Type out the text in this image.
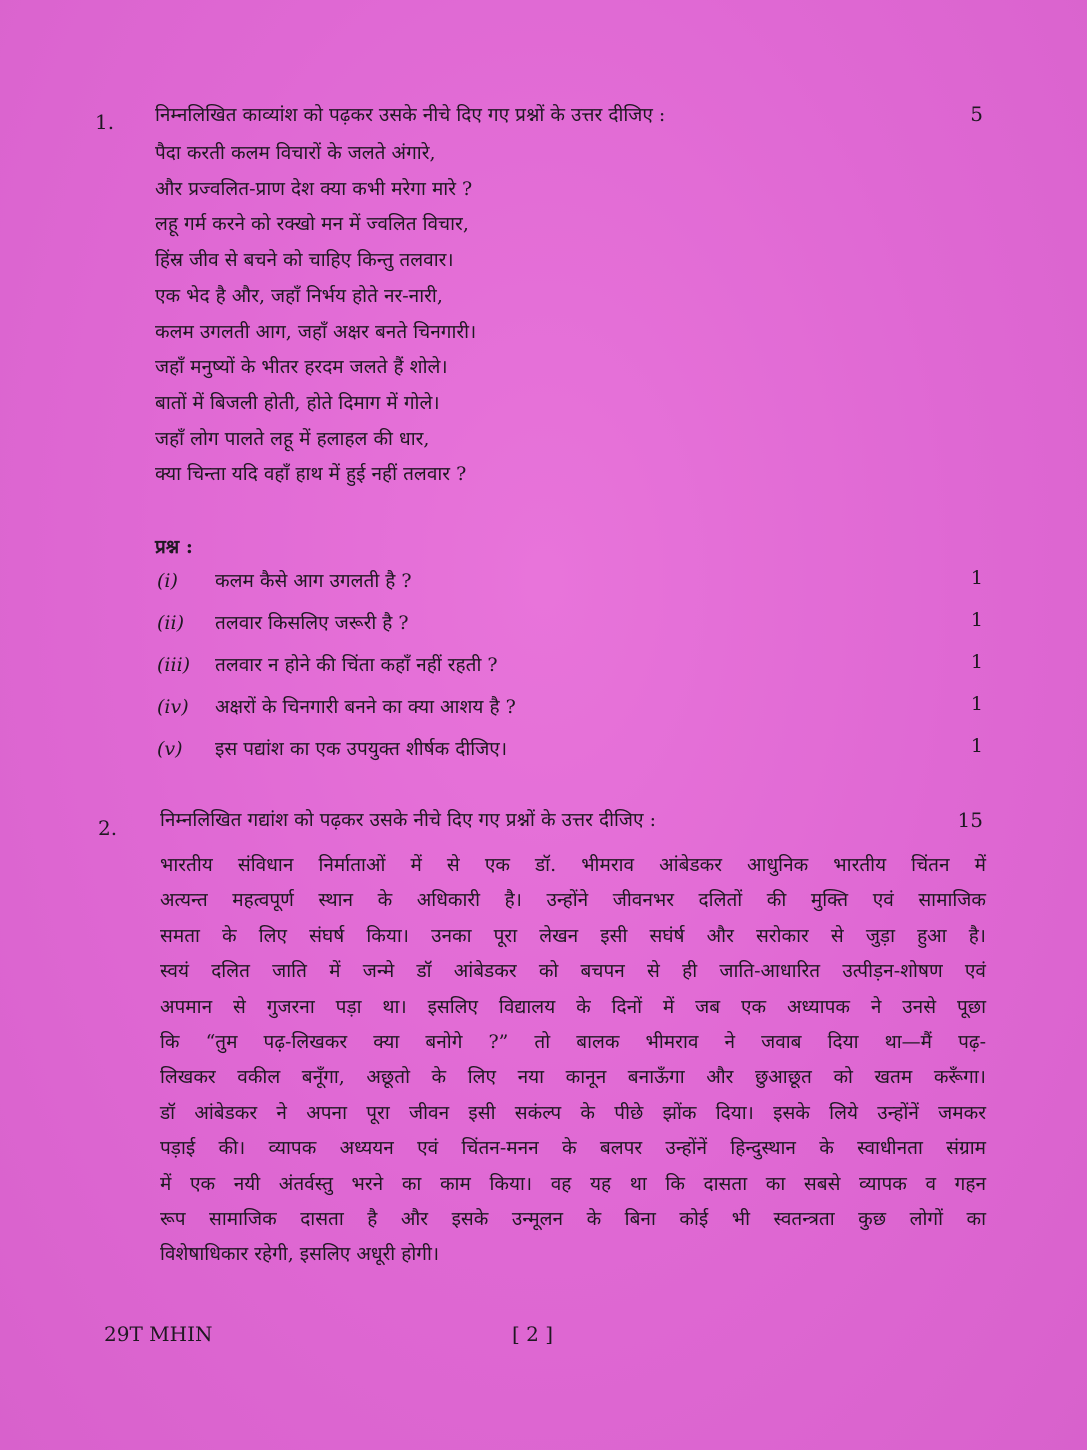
1. निम्नलिखित काव्यांश को पढ़कर उसके नीचे दिए गए प्रश्नों के उत्तर दीजिए :	5
पैदा करती कलम विचारों के जलते अंगारे,
और प्रज्वलित-प्राण देश क्या कभी मरेगा मारे ?
लहू गर्म करने को रक्खो मन में ज्वलित विचार,
हिंस्र जीव से बचने को चाहिए किन्तु तलवार।
एक भेद है और, जहाँ निर्भय होते नर-नारी,
कलम उगलती आग, जहाँ अक्षर बनते चिनगारी।
जहाँ मनुष्यों के भीतर हरदम जलते हैं शोले।
बातों में बिजली होती, होते दिमाग में गोले।
जहाँ लोग पालते लहू में हलाहल की धार,
क्या चिन्ता यदि वहाँ हाथ में हुई नहीं तलवार ?
प्रश्न :
(i) कलम कैसे आग उगलती है ?	1
(ii) तलवार किसलिए जरूरी है ?	1
(iii) तलवार न होने की चिंता कहाँ नहीं रहती ?	1
(iv) अक्षरों के चिनगारी बनने का क्या आशय है ?	1
(v) इस पद्यांश का एक उपयुक्त शीर्षक दीजिए।	1
2. निम्नलिखित गद्यांश को पढ़कर उसके नीचे दिए गए प्रश्नों के उत्तर दीजिए :	15
भारतीय संविधान निर्माताओं में से एक डॉ. भीमराव आंबेडकर आधुनिक भारतीय चिंतन में
अत्यन्त महत्वपूर्ण स्थान के अधिकारी है। उन्होंने जीवनभर दलितों की मुक्ति एवं सामाजिक
समता के लिए संघर्ष किया। उनका पूरा लेखन इसी सघंर्ष और सरोकार से जुड़ा हुआ है।
स्वयं दलित जाति में जन्मे डॉ आंबेडकर को बचपन से ही जाति-आधारित उत्पीड़न-शोषण एवं
अपमान से गुजरना पड़ा था। इसलिए विद्यालय के दिनों में जब एक अध्यापक ने उनसे पूछा
कि “तुम पढ़-लिखकर क्या बनोगे ?” तो बालक भीमराव ने जवाब दिया था—मैं पढ़-
लिखकर वकील बनूँगा, अछूतो के लिए नया कानून बनाऊँगा और छुआछूत को खतम करूँगा।
डॉ आंबेडकर ने अपना पूरा जीवन इसी सकंल्प के पीछे झोंक दिया। इसके लिये उन्होंनें जमकर
पड़ाई की। व्यापक अध्ययन एवं चिंतन-मनन के बलपर उन्होंनें हिन्दुस्थान के स्वाधीनता संग्राम
में एक नयी अंतर्वस्तु भरने का काम किया। वह यह था कि दासता का सबसे व्यापक व गहन
रूप सामाजिक दासता है और इसके उन्मूलन के बिना कोई भी स्वतन्त्रता कुछ लोगों का
विशेषाधिकार रहेगी, इसलिए अधूरी होगी।
29T MHIN	[ 2 ]
